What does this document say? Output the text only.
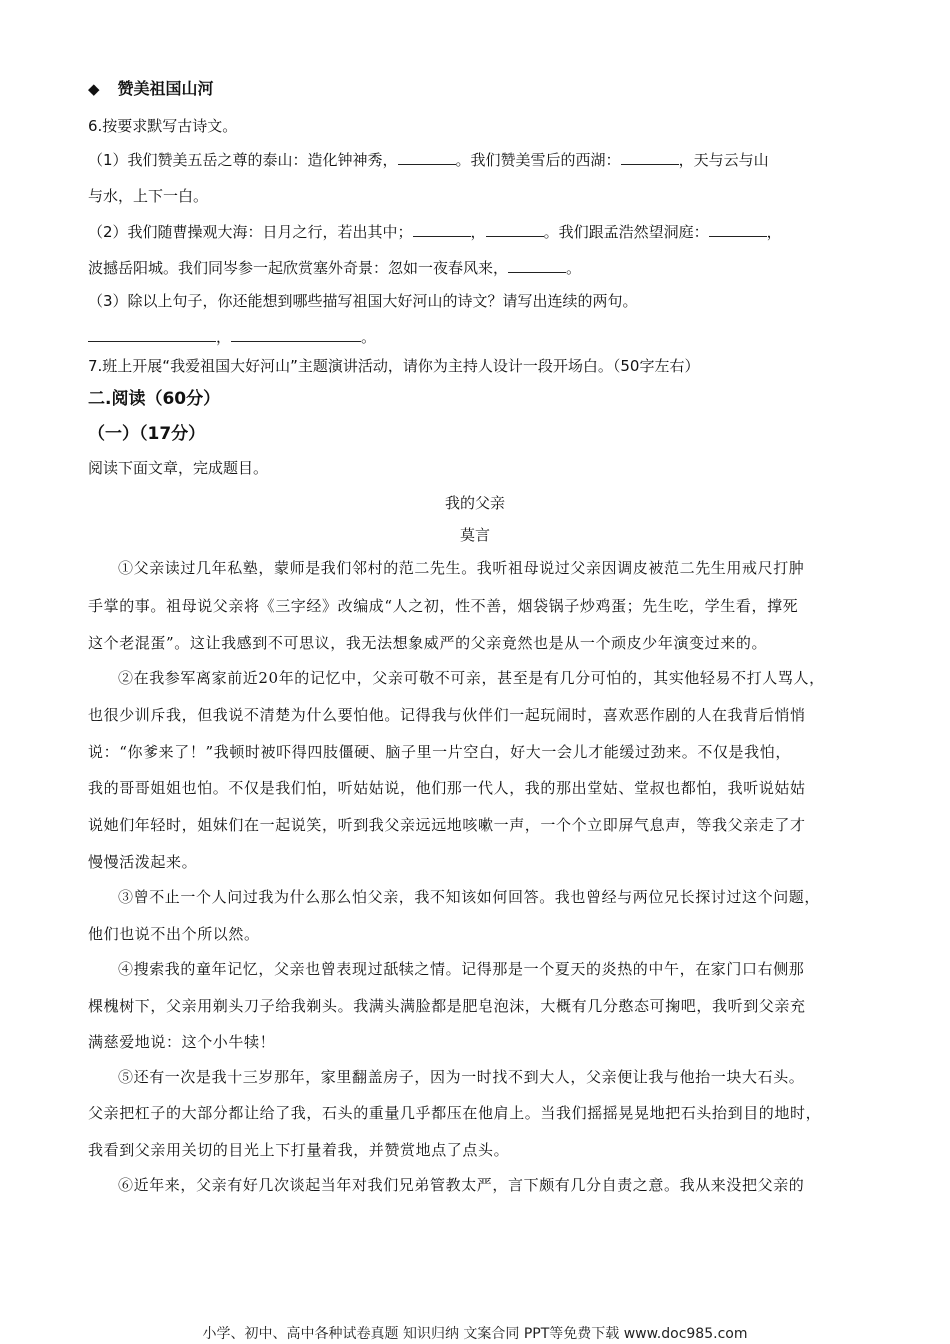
◆ 赞美祖国山河
6.按要求默写古诗文。
（1）我们赞美五岳之尊的泰山：造化钟神秀，	。我们赞美雪后的西湖：	，天与云与山
与水，上下一白。
（2）我们随曹操观大海：日月之行，若出其中；	，	。我们跟孟浩然望洞庭：	，
波撼岳阳城。我们同岑参一起欣赏塞外奇景：忽如一夜春风来，	。
（3）除以上句子，你还能想到哪些描写祖国大好河山的诗文？请写出连续的两句。
，	。
7.班上开展“我爱祖国大好河山”主题演讲活动，请你为主持人设计一段开场白。（50字左右）
二.阅读（60分）
（一）（17分）
阅读下面文章，完成题目。
我的父亲
莫言
①父亲读过几年私塾，蒙师是我们邻村的范二先生。我听祖母说过父亲因调皮被范二先生用戒尺打肿
手掌的事。祖母说父亲将《三字经》改编成“人之初，性不善，烟袋锅子炒鸡蛋；先生吃，学生看，撑死
这个老混蛋”。这让我感到不可思议，我无法想象威严的父亲竟然也是从一个顽皮少年演变过来的。
②在我参军离家前近20年的记忆中，父亲可敬不可亲，甚至是有几分可怕的，其实他轻易不打人骂人，
也很少训斥我，但我说不清楚为什么要怕他。记得我与伙伴们一起玩闹时，喜欢恶作剧的人在我背后悄悄
说：“你爹来了！”我顿时被吓得四肢僵硬、脑子里一片空白，好大一会儿才能缓过劲来。不仅是我怕，
我的哥哥姐姐也怕。不仅是我们怕，听姑姑说，他们那一代人，我的那出堂姑、堂叔也都怕，我听说姑姑
说她们年轻时，姐妹们在一起说笑，听到我父亲远远地咳嗽一声，一个个立即屏气息声，等我父亲走了才
慢慢活泼起来。
③曾不止一个人问过我为什么那么怕父亲，我不知该如何回答。我也曾经与两位兄长探讨过这个问题，
他们也说不出个所以然。
④搜索我的童年记忆，父亲也曾表现过舐犊之情。记得那是一个夏天的炎热的中午，在家门口右侧那
棵槐树下，父亲用剃头刀子给我剃头。我满头满脸都是肥皂泡沫，大概有几分憨态可掬吧，我听到父亲充
满慈爱地说：这个小牛犊！
⑤还有一次是我十三岁那年，家里翻盖房子，因为一时找不到大人，父亲便让我与他抬一块大石头。
父亲把杠子的大部分都让给了我，石头的重量几乎都压在他肩上。当我们摇摇晃晃地把石头抬到目的地时，
我看到父亲用关切的目光上下打量着我，并赞赏地点了点头。
⑥近年来，父亲有好几次谈起当年对我们兄弟管教太严，言下颇有几分自责之意。我从来没把父亲的
小学、初中、高中各种试卷真题 知识归纳 文案合同 PPT等免费下载 www.doc985.com
